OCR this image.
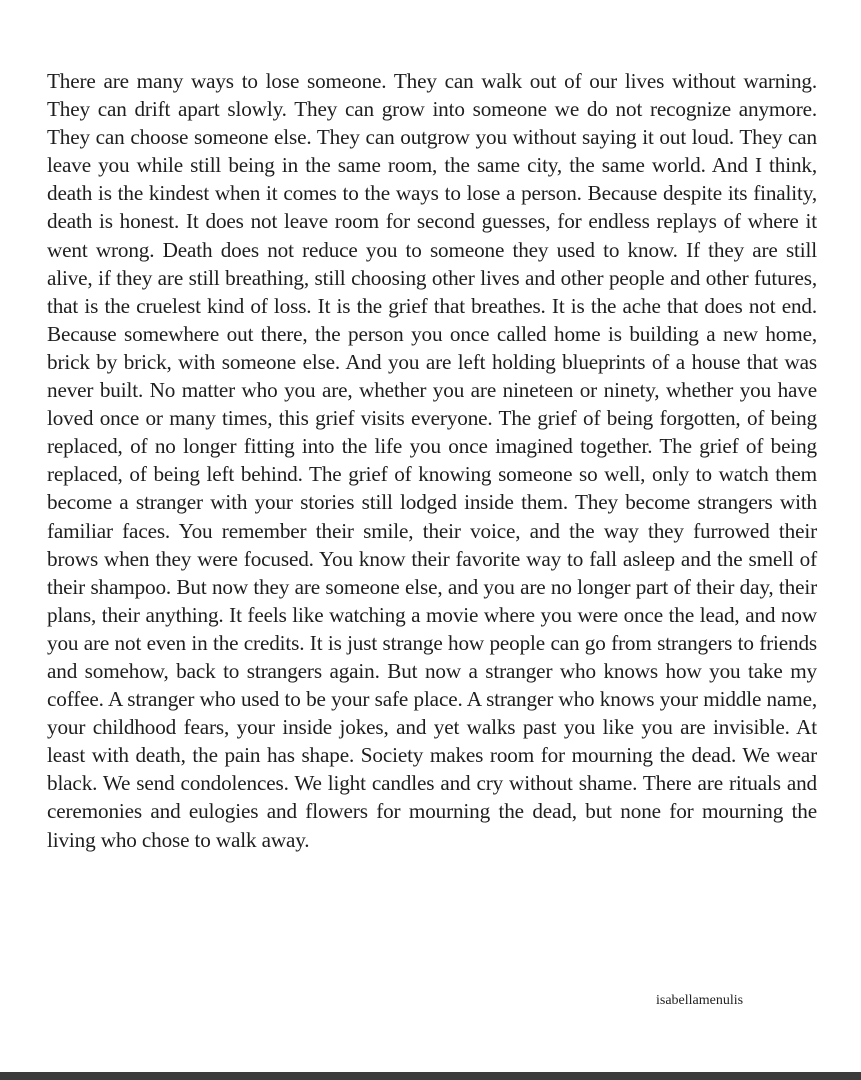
There are many ways to lose someone. They can walk out of our lives without warning. They can drift apart slowly. They can grow into someone we do not recognize anymore. They can choose someone else. They can outgrow you without saying it out loud. They can leave you while still being in the same room, the same city, the same world. And I think, death is the kindest when it comes to the ways to lose a person. Because despite its finality, death is honest. It does not leave room for second guesses, for endless replays of where it went wrong. Death does not reduce you to someone they used to know. If they are still alive, if they are still breathing, still choosing other lives and other people and other futures, that is the cruelest kind of loss. It is the grief that breathes. It is the ache that does not end. Because somewhere out there, the person you once called home is building a new home, brick by brick, with someone else. And you are left holding blueprints of a house that was never built. No matter who you are, whether you are nineteen or ninety, whether you have loved once or many times, this grief visits everyone. The grief of being forgotten, of being replaced, of no longer fitting into the life you once imagined together. The grief of being replaced, of being left behind. The grief of knowing someone so well, only to watch them become a stranger with your stories still lodged inside them. They become strangers with familiar faces. You remember their smile, their voice, and the way they furrowed their brows when they were focused. You know their favorite way to fall asleep and the smell of their shampoo. But now they are someone else, and you are no longer part of their day, their plans, their anything. It feels like watching a movie where you were once the lead, and now you are not even in the credits. It is just strange how people can go from strangers to friends and somehow, back to strangers again. But now a stranger who knows how you take my coffee. A stranger who used to be your safe place. A stranger who knows your middle name, your childhood fears, your inside jokes, and yet walks past you like you are invisible. At least with death, the pain has shape. Society makes room for mourning the dead. We wear black. We send condolences. We light candles and cry without shame. There are rituals and ceremonies and eulogies and flowers for mourning the dead, but none for mourning the living who chose to walk away.

isabellamenulis
